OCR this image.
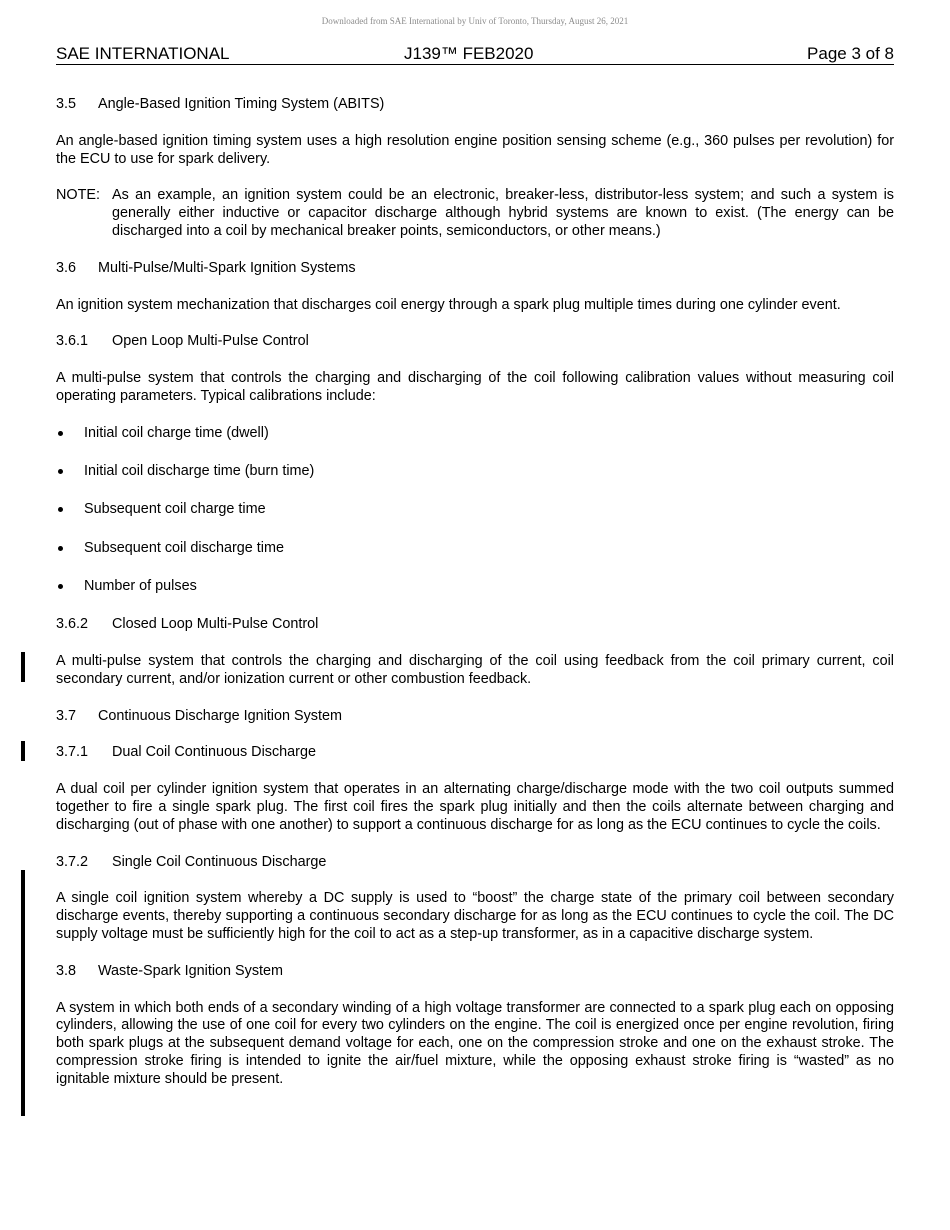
Downloaded from SAE International by Univ of Toronto, Thursday, August 26, 2021
SAE INTERNATIONAL	J139™ FEB2020	Page 3 of 8
3.5 Angle-Based Ignition Timing System (ABITS)

An angle-based ignition timing system uses a high resolution engine position sensing scheme (e.g., 360 pulses per revolution) for the ECU to use for spark delivery.

NOTE: As an example, an ignition system could be an electronic, breaker-less, distributor-less system; and such a system is generally either inductive or capacitor discharge although hybrid systems are known to exist. (The energy can be discharged into a coil by mechanical breaker points, semiconductors, or other means.)
3.6 Multi-Pulse/Multi-Spark Ignition Systems

An ignition system mechanization that discharges coil energy through a spark plug multiple times during one cylinder event.

3.6.1 Open Loop Multi-Pulse Control

A multi-pulse system that controls the charging and discharging of the coil following calibration values without measuring coil operating parameters. Typical calibrations include:

Initial coil charge time (dwell)
Initial coil discharge time (burn time)
Subsequent coil charge time
Subsequent coil discharge time
Number of pulses
3.6.2 Closed Loop Multi-Pulse Control

A multi-pulse system that controls the charging and discharging of the coil using feedback from the coil primary current, coil secondary current, and/or ionization current or other combustion feedback.

3.7 Continuous Discharge Ignition System
3.7.1 Dual Coil Continuous Discharge

A dual coil per cylinder ignition system that operates in an alternating charge/discharge mode with the two coil outputs summed together to fire a single spark plug. The first coil fires the spark plug initially and then the coils alternate between charging and discharging (out of phase with one another) to support a continuous discharge for as long as the ECU continues to cycle the coils.

3.7.2 Single Coil Continuous Discharge

A single coil ignition system whereby a DC supply is used to “boost” the charge state of the primary coil between secondary discharge events, thereby supporting a continuous secondary discharge for as long as the ECU continues to cycle the coil. The DC supply voltage must be sufficiently high for the coil to act as a step-up transformer, as in a capacitive discharge system.

3.8 Waste-Spark Ignition System

A system in which both ends of a secondary winding of a high voltage transformer are connected to a spark plug each on opposing cylinders, allowing the use of one coil for every two cylinders on the engine. The coil is energized once per engine revolution, firing both spark plugs at the subsequent demand voltage for each, one on the compression stroke and one on the exhaust stroke. The compression stroke firing is intended to ignite the air/fuel mixture, while the opposing exhaust stroke firing is “wasted” as no ignitable mixture should be present.
